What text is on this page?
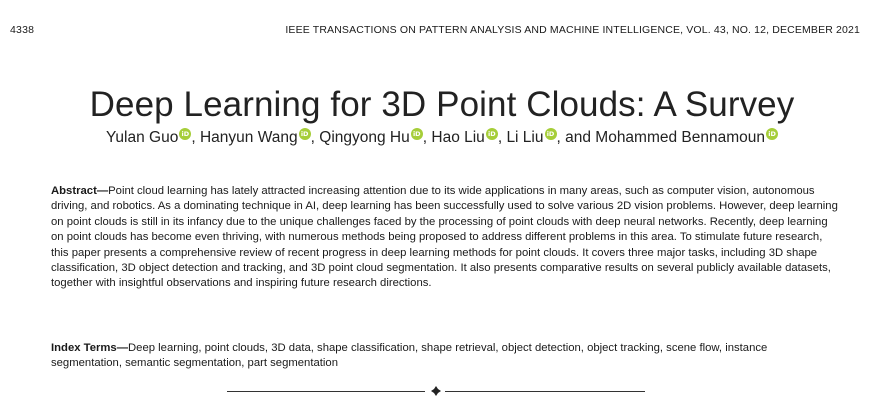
4338	IEEE TRANSACTIONS ON PATTERN ANALYSIS AND MACHINE INTELLIGENCE, VOL. 43, NO. 12, DECEMBER 2021
Deep Learning for 3D Point Clouds: A Survey
Yulan Guo iD , Hanyun Wang iD , Qingyong Hu iD , Hao Liu iD , Li Liu iD , and Mohammed Bennamoun iD

Abstract—Point cloud learning has lately attracted increasing attention due to its wide applications in many areas, such as computer vision, autonomous driving, and robotics. As a dominating technique in AI, deep learning has been successfully used to solve various 2D vision problems. However, deep learning on point clouds is still in its infancy due to the unique challenges faced by the processing of point clouds with deep neural networks. Recently, deep learning on point clouds has become even thriving, with numerous methods being proposed to address different problems in this area. To stimulate future research, this paper presents a comprehensive review of recent progress in deep learning methods for point clouds. It covers three major tasks, including 3D shape classification, 3D object detection and tracking, and 3D point cloud segmentation. It also presents comparative results on several publicly available datasets, together with insightful observations and inspiring future research directions.

Index Terms—Deep learning, point clouds, 3D data, shape classification, shape retrieval, object detection, object tracking, scene flow, instance segmentation, semantic segmentation, part segmentation
